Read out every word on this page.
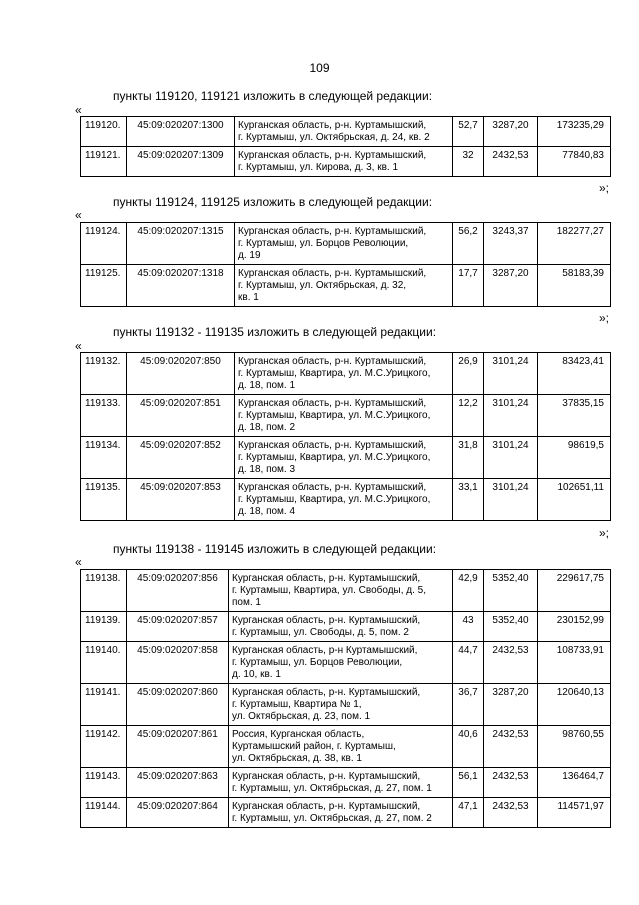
109
пункты 119120, 119121 изложить в следующей редакции:
«
119120.	45:09:020207:1300	Курганская область, р-н. Куртамышский,
г. Куртамыш, ул. Октябрьская, д. 24, кв. 2	52,7	3287,20	173235,29
119121.	45:09:020207:1309	Курганская область, р-н. Куртамышский,
г. Куртамыш, ул. Кирова, д. 3, кв. 1	32	2432,53	77840,83
»;
пункты 119124, 119125 изложить в следующей редакции:
«
119124.	45:09:020207:1315	Курганская область, р-н. Куртамышский,
г. Куртамыш, ул. Борцов Революции,
д. 19	56,2	3243,37	182277,27
119125.	45:09:020207:1318	Курганская область, р-н. Куртамышский,
г. Куртамыш, ул. Октябрьская, д. 32,
кв. 1	17,7	3287,20	58183,39
»;
пункты 119132 - 119135 изложить в следующей редакции:
«
119132.	45:09:020207:850	Курганская область, р-н. Куртамышский,
г. Куртамыш, Квартира, ул. М.С.Урицкого,
д. 18, пом. 1	26,9	3101,24	83423,41
119133.	45:09:020207:851	Курганская область, р-н. Куртамышский,
г. Куртамыш, Квартира, ул. М.С.Урицкого,
д. 18, пом. 2	12,2	3101,24	37835,15
119134.	45:09:020207:852	Курганская область, р-н. Куртамышский,
г. Куртамыш, Квартира, ул. М.С.Урицкого,
д. 18, пом. 3	31,8	3101,24	98619,5
119135.	45:09:020207:853	Курганская область, р-н. Куртамышский,
г. Куртамыш, Квартира, ул. М.С.Урицкого,
д. 18, пом. 4	33,1	3101,24	102651,11
»;
пункты 119138 - 119145 изложить в следующей редакции:
«
119138.	45:09:020207:856	Курганская область, р-н. Куртамышский,
г. Куртамыш, Квартира, ул. Свободы, д. 5,
пом. 1	42,9	5352,40	229617,75
119139.	45:09:020207:857	Курганская область, р-н. Куртамышский,
г. Куртамыш, ул. Свободы, д. 5, пом. 2	43	5352,40	230152,99
119140.	45:09:020207:858	Курганская область, р-н Куртамышский,
г. Куртамыш, ул. Борцов Революции,
д. 10, кв. 1	44,7	2432,53	108733,91
119141.	45:09:020207:860	Курганская область, р-н. Куртамышский,
г. Куртамыш, Квартира № 1,
ул. Октябрьская, д. 23, пом. 1	36,7	3287,20	120640,13
119142.	45:09:020207:861	Россия, Курганская область,
Куртамышский район, г. Куртамыш,
ул. Октябрьская, д. 38, кв. 1	40,6	2432,53	98760,55
119143.	45:09:020207:863	Курганская область, р-н. Куртамышский,
г. Куртамыш, ул. Октябрьская, д. 27, пом. 1	56,1	2432,53	136464,7
119144.	45:09:020207:864	Курганская область, р-н. Куртамышский,
г. Куртамыш, ул. Октябрьская, д. 27, пом. 2	47,1	2432,53	114571,97
